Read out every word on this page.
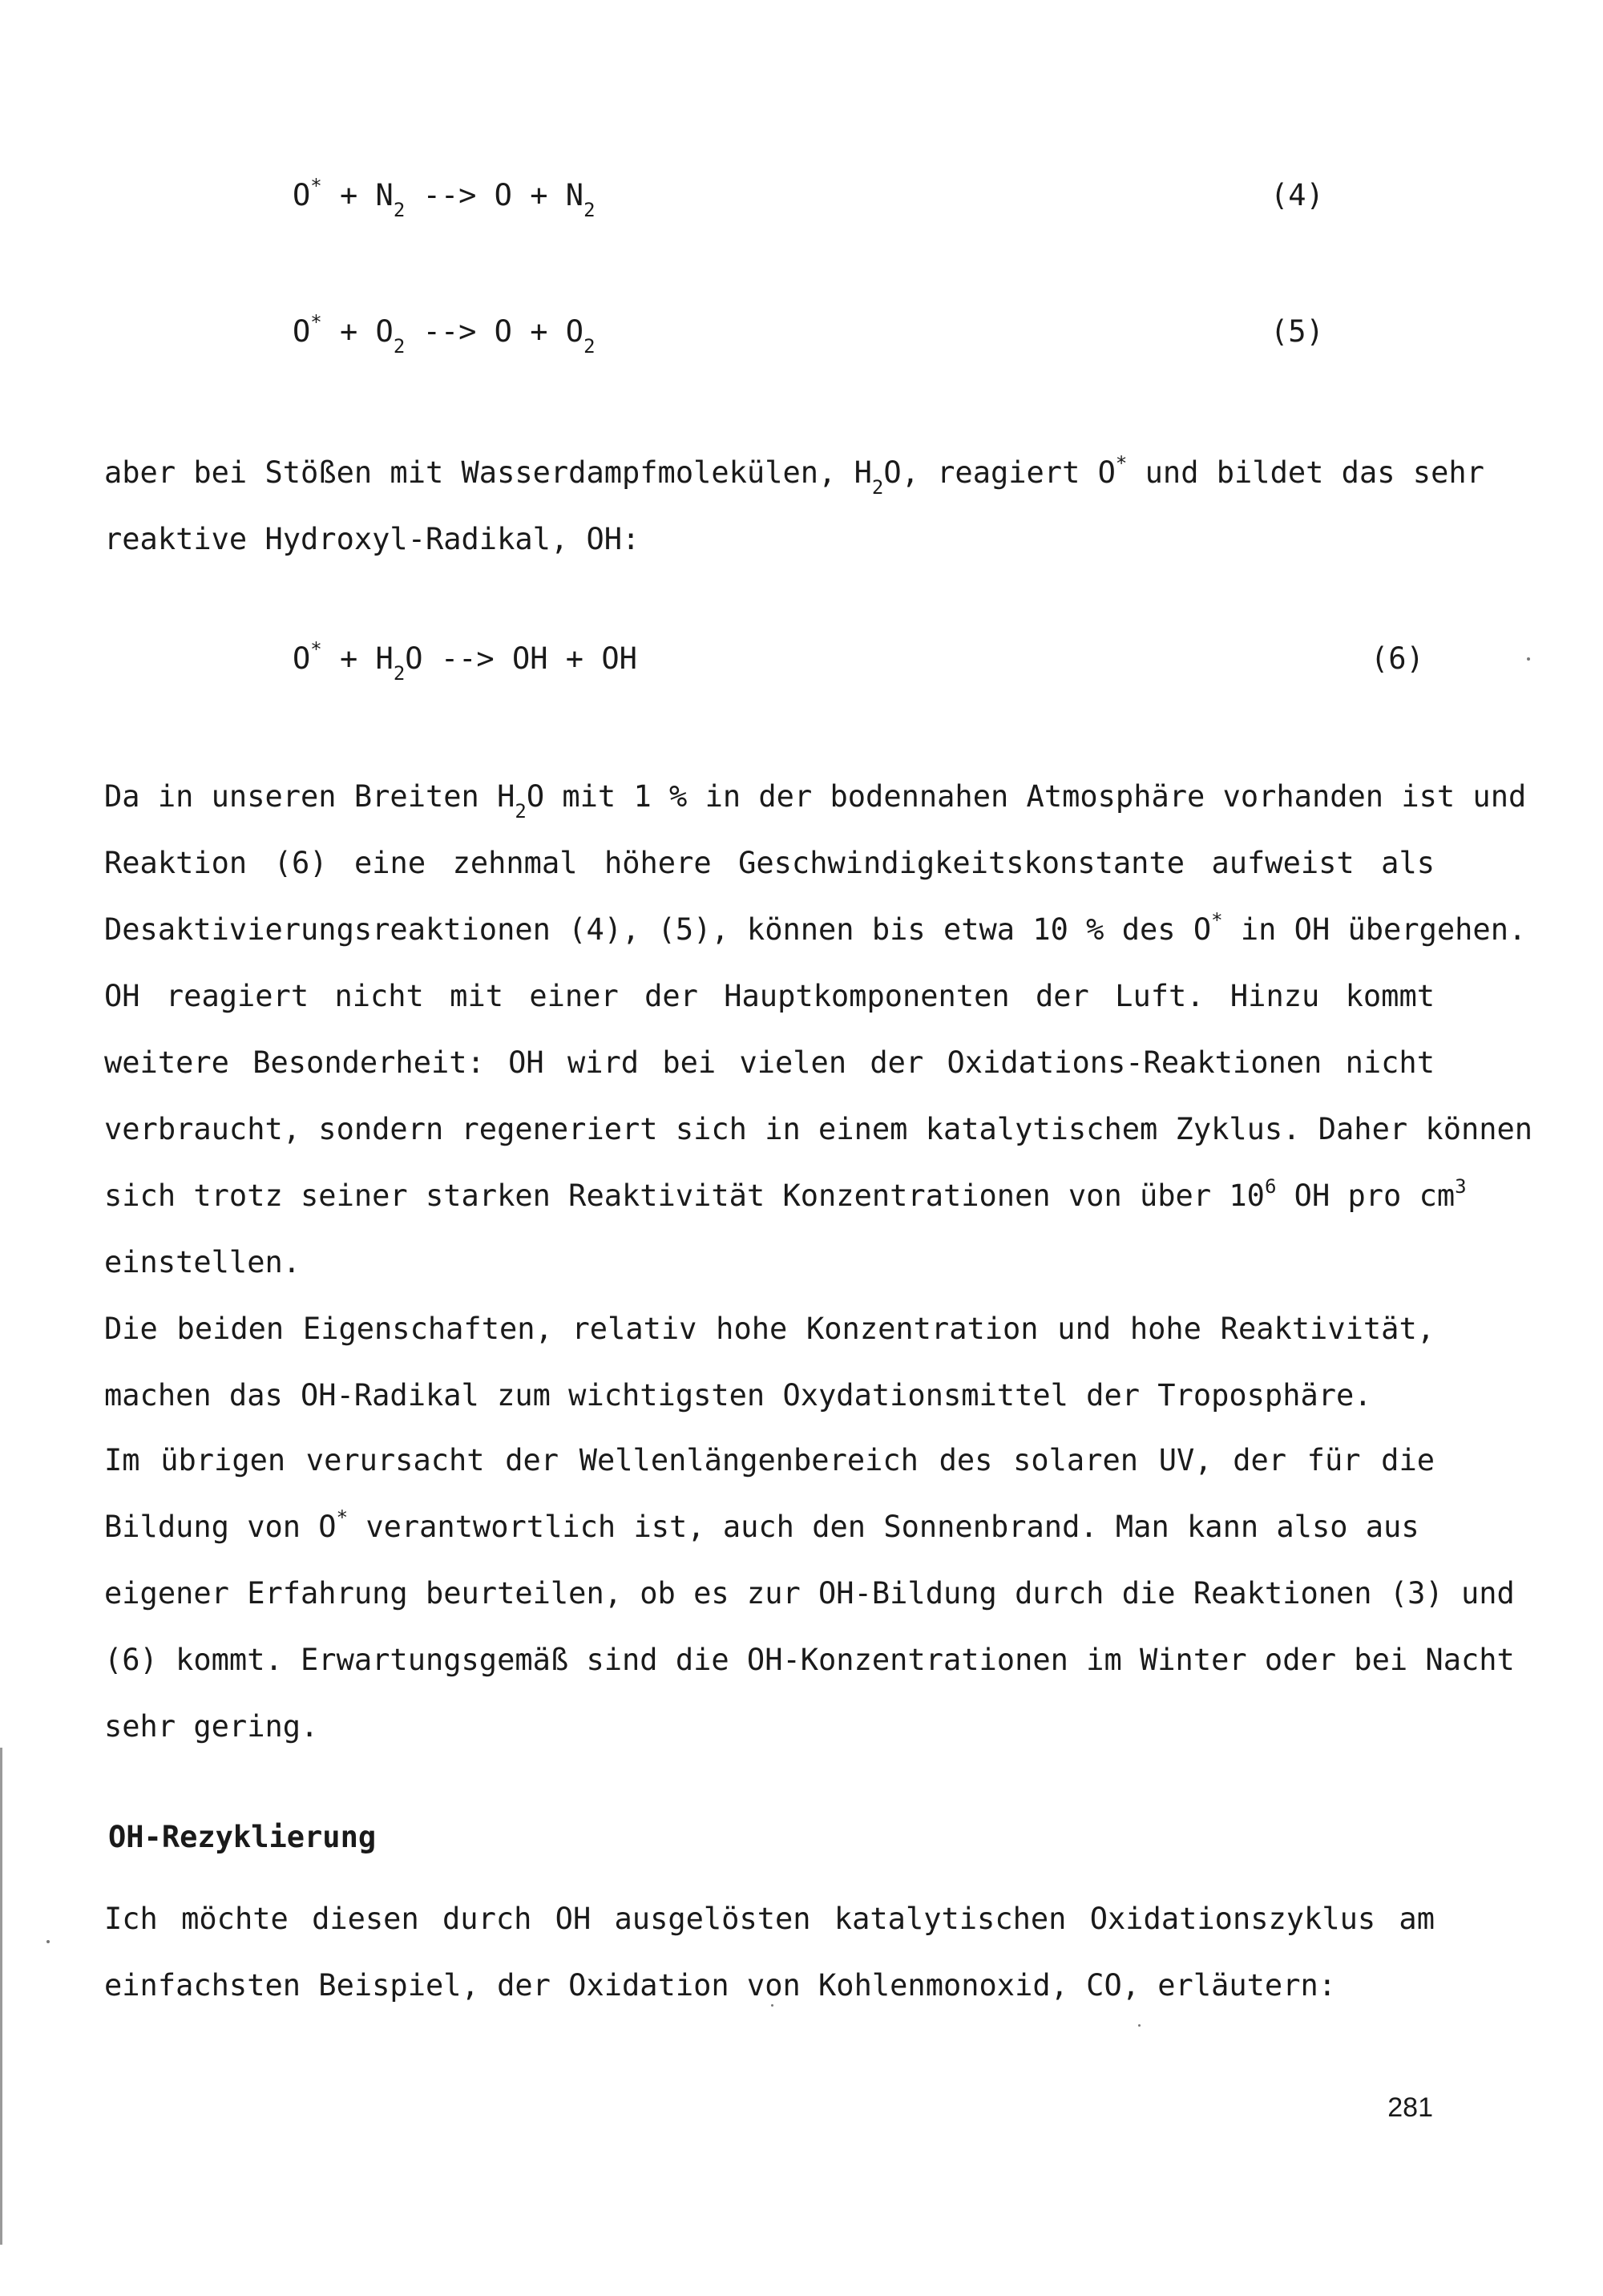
$O^* + N_2$ --> $O + N_2$	(4)
$O^* + O_2$ --> $O + O_2$	(5)
aber bei Stößen mit Wasserdampfmolekülen, $H_2O$, reagiert O* und bildet das sehr
reaktive Hydroxyl-Radikal, OH:
$O^* + H_2O$ --> OH + OH	(6)
Da in unseren Breiten $H_2O$ mit 1 % in der bodennahen Atmosphäre vorhanden ist und
Reaktion (6) eine zehnmal höhere Geschwindigkeitskonstante aufweist als
Desaktivierungsreaktionen (4), (5), können bis etwa 10 % des O* in OH übergehen.
OH reagiert nicht mit einer der Hauptkomponenten der Luft. Hinzu kommt
weitere Besonderheit: OH wird bei vielen der Oxidations-Reaktionen nicht
verbraucht, sondern regeneriert sich in einem katalytischem Zyklus. Daher können
sich trotz seiner starken Reaktivität Konzentrationen von über $10^6$ OH pro $cm^3$
einstellen.
Die beiden Eigenschaften, relativ hohe Konzentration und hohe Reaktivität,
machen das OH-Radikal zum wichtigsten Oxydationsmittel der Troposphäre.
Im übrigen verursacht der Wellenlängenbereich des solaren UV, der für die
Bildung von O* verantwortlich ist, auch den Sonnenbrand. Man kann also aus
eigener Erfahrung beurteilen, ob es zur OH-Bildung durch die Reaktionen (3) und
(6) kommt. Erwartungsgemäß sind die OH-Konzentrationen im Winter oder bei Nacht
sehr gering.

OH-Rezyklierung

Ich möchte diesen durch OH ausgelösten katalytischen Oxidationszyklus am
einfachsten Beispiel, der Oxidation von Kohlenmonoxid, CO, erläutern:

281
